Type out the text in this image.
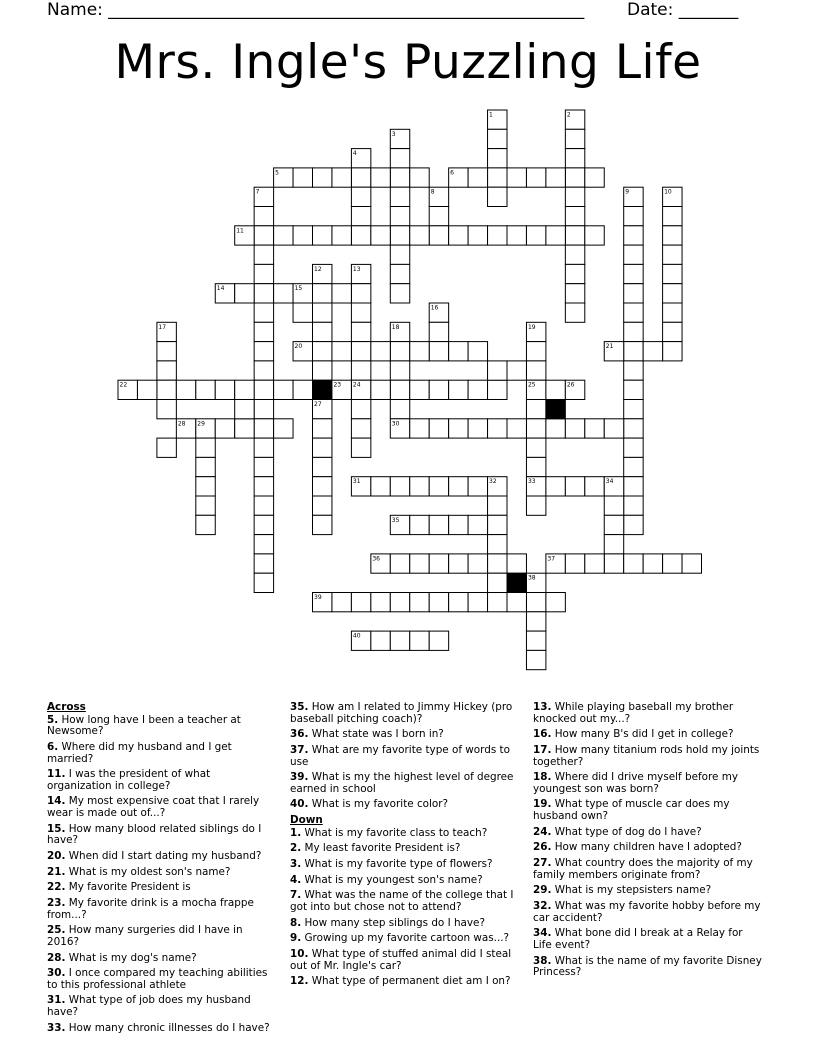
Name: ________________________________________________________	Date: _______
Mrs. Ingle's Puzzling Life
1	2
3
4
5	6
7	8	9	10
11
12	13
14	15
16
17	18	19
20	21
22	23 24	25	26
27
28 29	30
31	32	33	34
35
36	37
38
39
40
Across
5. How long have I been a teacher at Newsome?
6. Where did my husband and I get married?
11. I was the president of what organization in college?
14. My most expensive coat that I rarely wear is made out of...?
15. How many blood related siblings do I have?
20. When did I start dating my husband?
21. What is my oldest son's name?
22. My favorite President is
23. My favorite drink is a mocha frappe from...?
25. How many surgeries did I have in 2016?
28. What is my dog's name?
30. I once compared my teaching abilities to this professional athlete
31. What type of job does my husband have?
33. How many chronic illnesses do I have?
35. How am I related to Jimmy Hickey (pro baseball pitching coach)?
36. What state was I born in?
37. What are my favorite type of words to use
39. What is my the highest level of degree earned in school
40. What is my favorite color?
Down
1. What is my favorite class to teach?
2. My least favorite President is?
3. What is my favorite type of flowers?
4. What is my youngest son's name?
7. What was the name of the college that I got into but chose not to attend?
8. How many step siblings do I have?
9. Growing up my favorite cartoon was...?
10. What type of stuffed animal did I steal out of Mr. Ingle's car?
12. What type of permanent diet am I on?
13. While playing baseball my brother knocked out my...?
16. How many B's did I get in college?
17. How many titanium rods hold my joints together?
18. Where did I drive myself before my youngest son was born?
19. What type of muscle car does my husband own?
24. What type of dog do I have?
26. How many children have I adopted?
27. What country does the majority of my family members originate from?
29. What is my stepsisters name?
32. What was my favorite hobby before my car accident?
34. What bone did I break at a Relay for Life event?
38. What is the name of my favorite Disney Princess?
